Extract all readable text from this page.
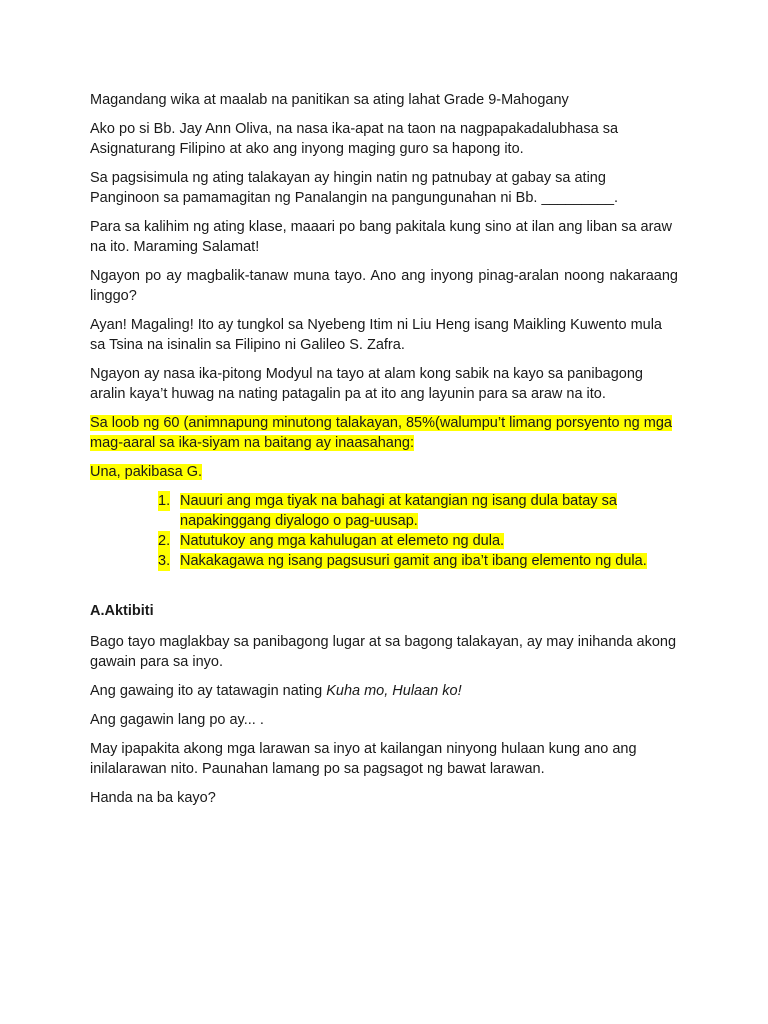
Magandang wika at maalab na panitikan sa ating lahat Grade 9-Mahogany

Ako po si Bb. Jay Ann Oliva, na nasa ika-apat na taon na nagpapakadalubhasa sa Asignaturang Filipino at ako ang inyong maging guro sa hapong ito.

Sa pagsisimula ng ating talakayan ay hingin natin ng patnubay at gabay sa ating Panginoon sa pamamagitan ng Panalangin na pangungunahan ni Bb. _________.

Para sa kalihim ng ating klase, maaari po bang pakitala kung sino at ilan ang liban sa araw na ito. Maraming Salamat!

Ngayon po ay magbalik-tanaw muna tayo. Ano ang inyong pinag-aralan noong nakaraang linggo?

Ayan! Magaling! Ito ay tungkol sa Nyebeng Itim ni Liu Heng isang Maikling Kuwento mula sa Tsina na isinalin sa Filipino ni Galileo S. Zafra.

Ngayon ay nasa ika-pitong Modyul na tayo at alam kong sabik na kayo sa panibagong aralin kaya’t huwag na nating patagalin pa at ito ang layunin para sa araw na ito.

Sa loob ng 60 (animnapung minutong talakayan, 85%(walumpu’t limang porsyento ng mga mag-aaral sa ika-siyam na baitang ay inaasahang:

Una, pakibasa G.

1. Nauuri ang mga tiyak na bahagi at katangian ng isang dula batay sa napakinggang diyalogo o pag-uusap.
2. Natutukoy ang mga kahulugan at elemeto ng dula.
3. Nakakagawa ng isang pagsusuri gamit ang iba’t ibang elemento ng dula.

A.Aktibiti

Bago tayo maglakbay sa panibagong lugar at sa bagong talakayan, ay may inihanda akong gawain para sa inyo.

Ang gawaing ito ay tatawagin nating Kuha mo, Hulaan ko!

Ang gagawin lang po ay... .

May ipapakita akong mga larawan sa inyo at kailangan ninyong hulaan kung ano ang inilalarawan nito. Paunahan lamang po sa pagsagot ng bawat larawan.

Handa na ba kayo?
